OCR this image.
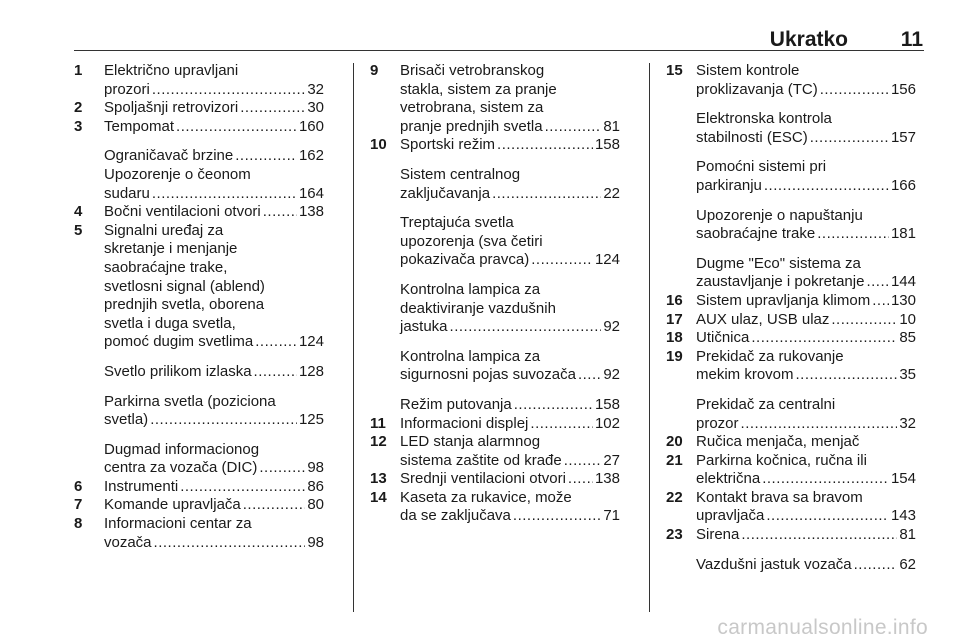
Ukratko	11
1	Električno upravljani
prozori .....	32
2	Spoljašnji retrovizori .....	30
3	Tempomat .....	160
Ograničavač brzine .....	162
Upozorenje o čeonom
sudaru .....	164
4	Bočni ventilacioni otvori .....	138
5	Signalni uređaj za
skretanje i menjanje
saobraćajne trake,
svetlosni signal (ablend)
prednjih svetla, oborena
svetla i duga svetla,
pomoć dugim svetlima .....	124
Svetlo prilikom izlaska .....	128
Parkirna svetla (poziciona
svetla) .....	125
Dugmad informacionog
centra za vozača (DIC) .....	98
6	Instrumenti .....	86
7	Komande upravljača .....	80
8	Informacioni centar za
vozača .....	98
9	Brisači vetrobranskog
stakla, sistem za pranje
vetrobrana, sistem za
pranje prednjih svetla .....	81
10 Sportski režim .....	158
Sistem centralnog
zaključavanja .....	22
Treptajuća svetla
upozorenja (sva četiri
pokazivača pravca) .....	124
Kontrolna lampica za
deaktiviranje vazdušnih
jastuka .....	92
Kontrolna lampica za
sigurnosni pojas suvozača ..... 92
Režim putovanja .....	158
11 Informacioni displej .....	102
12 LED stanja alarmnog
sistema zaštite od krađe .....	27
13 Srednji ventilacioni otvori ..... 138
14 Kaseta za rukavice, može
da se zaključava .....	71
15 Sistem kontrole
proklizavanja (TC) .....	156
Elektronska kontrola
stabilnosti (ESC) .....	157
Pomoćni sistemi pri
parkiranju .....	166
Upozorenje o napuštanju
saobraćajne trake .....	181
Dugme "Eco" sistema za
zaustavljanje i pokretanje ..... 144
16 Sistem upravljanja klimom ..... 130
17 AUX ulaz, USB ulaz .....	10
18 Utičnica .....	85
19 Prekidač za rukovanje
mekim krovom .....	35
Prekidač za centralni
prozor .....	32
20 Ručica menjača, menjač
21 Parkirna kočnica, ručna ili
električna .....	154
22 Kontakt brava sa bravom
upravljača .....	143
23 Sirena .....	81
Vazdušni jastuk vozača .....	62
carmanualsonline.info
